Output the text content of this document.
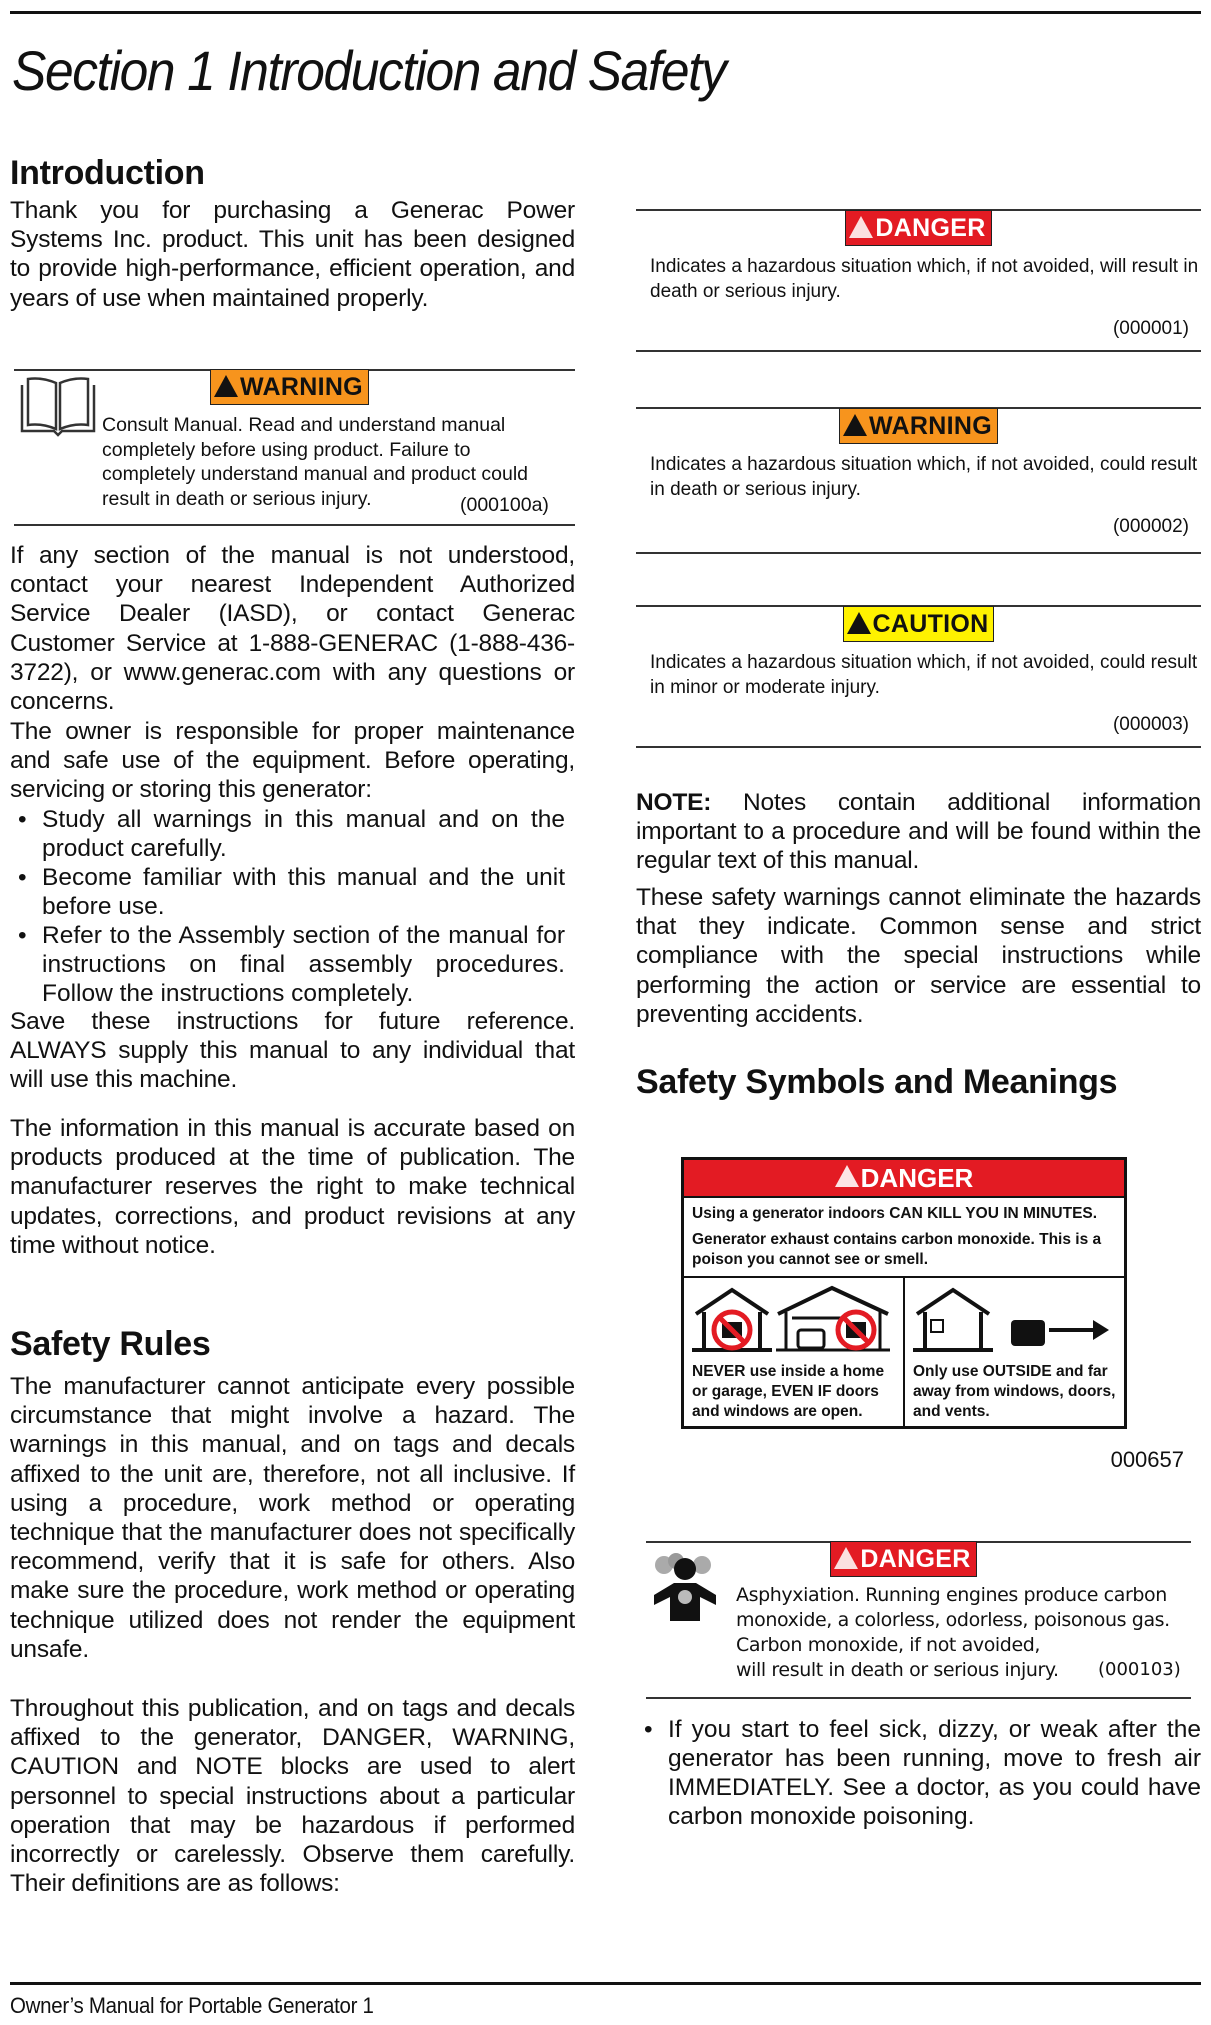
Section 1 Introduction and Safety
Introduction

Thank you for purchasing a Generac Power Systems Inc. product. This unit has been designed to provide high-performance, efficient operation, and years of use when maintained properly.

WARNING
Consult Manual. Read and understand manual completely before using product. Failure to completely understand manual and product could result in death or serious injury.	(000100a)

If any section of the manual is not understood, contact your nearest Independent Authorized Service Dealer (IASD), or contact Generac Customer Service at 1-888-GENERAC (1-888-436-3722), or www.generac.com with any questions or concerns.

The owner is responsible for proper maintenance and safe use of the equipment. Before operating, servicing or storing this generator:

• Study all warnings in this manual and on the product carefully.
• Become familiar with this manual and the unit before use.
• Refer to the Assembly section of the manual for instructions on final assembly procedures. Follow the instructions completely.

Save these instructions for future reference. ALWAYS supply this manual to any individual that will use this machine.

The information in this manual is accurate based on products produced at the time of publication. The manufacturer reserves the right to make technical updates, corrections, and product revisions at any time without notice.

Safety Rules

The manufacturer cannot anticipate every possible circumstance that might involve a hazard. The warnings in this manual, and on tags and decals affixed to the unit are, therefore, not all inclusive. If using a procedure, work method or operating technique that the manufacturer does not specifically recommend, verify that it is safe for others. Also make sure the procedure, work method or operating technique utilized does not render the equipment unsafe.

Throughout this publication, and on tags and decals affixed to the generator, DANGER, WARNING, CAUTION and NOTE blocks are used to alert personnel to special instructions about a particular operation that may be hazardous if performed incorrectly or carelessly. Observe them carefully. Their definitions are as follows:

DANGER
Indicates a hazardous situation which, if not avoided, will result in death or serious injury.
(000001)
WARNING
Indicates a hazardous situation which, if not avoided, could result in death or serious injury.
(000002)
CAUTION
Indicates a hazardous situation which, if not avoided, could result in minor or moderate injury.
(000003)

NOTE: Notes contain additional information important to a procedure and will be found within the regular text of this manual.

These safety warnings cannot eliminate the hazards that they indicate. Common sense and strict compliance with the special instructions while performing the action or service are essential to preventing accidents.

Safety Symbols and Meanings
DANGER

Using a generator indoors CAN KILL YOU IN MINUTES.

Generator exhaust contains carbon monoxide. This is a poison you cannot see or smell.

NEVER use inside a home or garage, EVEN IF doors and windows are open.
Only use OUTSIDE and far away from windows, doors, and vents.
000657
DANGER
Asphyxiation. Running engines produce carbon
monoxide, a colorless, odorless, poisonous gas.
Carbon monoxide, if not avoided,
will result in death or serious injury.	(000103)
• If you start to feel sick, dizzy, or weak after the generator has been running, move to fresh air IMMEDIATELY. See a doctor, as you could have carbon monoxide poisoning.
Owner’s Manual for Portable Generator 1
